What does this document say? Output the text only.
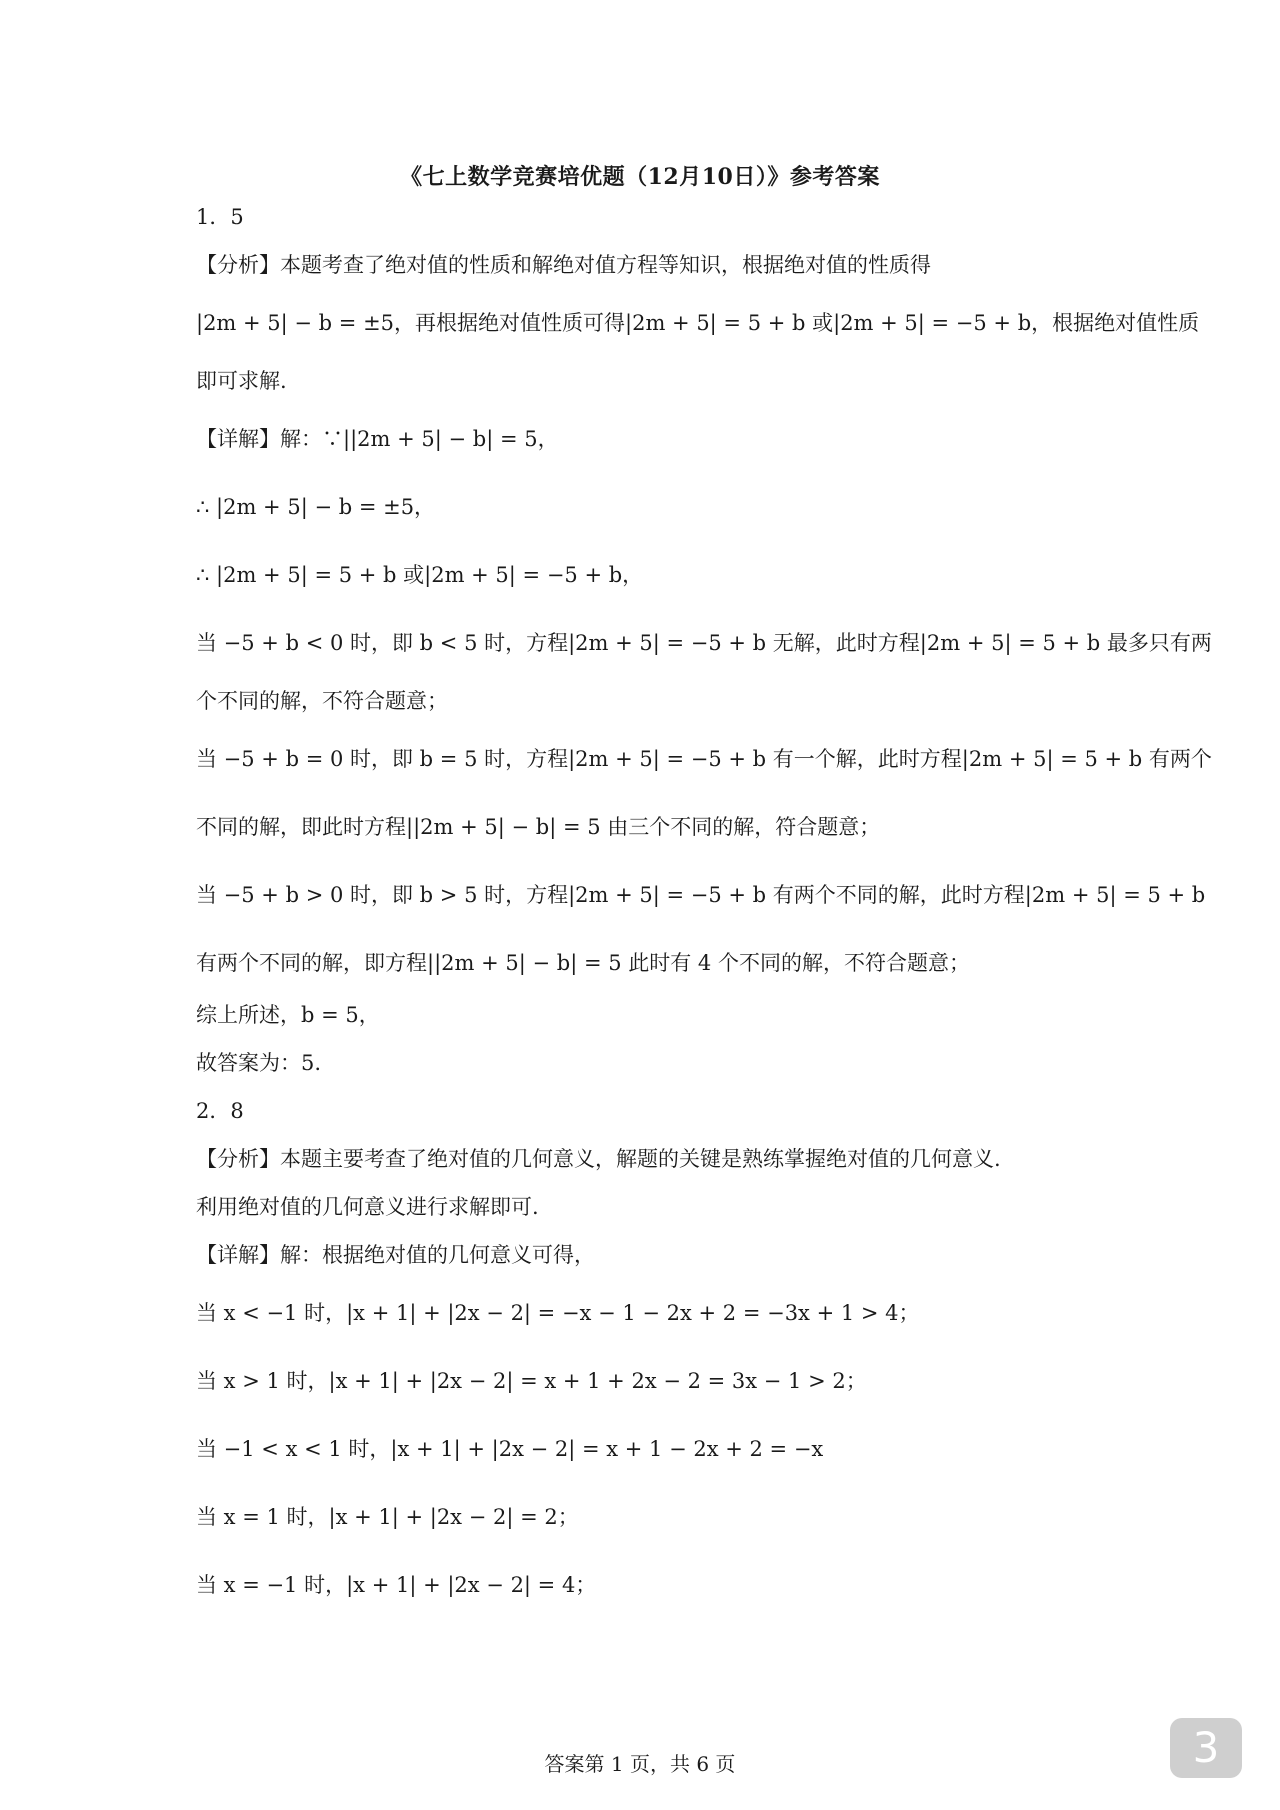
《七上数学竞赛培优题（12月10日）》参考答案
1．5
【分析】本题考查了绝对值的性质和解绝对值方程等知识，根据绝对值的性质得
|2m + 5| − b = ±5，再根据绝对值性质可得|2m + 5| = 5 + b 或|2m + 5| = −5 + b，根据绝对值性质
即可求解.
【详解】解：∵||2m + 5| − b| = 5，
∴ |2m + 5| − b = ±5，
∴ |2m + 5| = 5 + b 或|2m + 5| = −5 + b，
当 −5 + b < 0 时，即 b < 5 时，方程|2m + 5| = −5 + b 无解，此时方程|2m + 5| = 5 + b 最多只有两
个不同的解，不符合题意；
当 −5 + b = 0 时，即 b = 5 时，方程|2m + 5| = −5 + b 有一个解，此时方程|2m + 5| = 5 + b 有两个
不同的解，即此时方程||2m + 5| − b| = 5 由三个不同的解，符合题意；
当 −5 + b > 0 时，即 b > 5 时，方程|2m + 5| = −5 + b 有两个不同的解，此时方程|2m + 5| = 5 + b
有两个不同的解，即方程||2m + 5| − b| = 5 此时有 4 个不同的解，不符合题意；
综上所述，b = 5，
故答案为：5.
2．8
【分析】本题主要考查了绝对值的几何意义，解题的关键是熟练掌握绝对值的几何意义.
利用绝对值的几何意义进行求解即可.
【详解】解：根据绝对值的几何意义可得，
当 x < −1 时，|x + 1| + |2x − 2| = −x − 1 − 2x + 2 = −3x + 1 > 4；
当 x > 1 时，|x + 1| + |2x − 2| = x + 1 + 2x − 2 = 3x − 1 > 2；
当 −1 < x < 1 时，|x + 1| + |2x − 2| = x + 1 − 2x + 2 = −x
当 x = 1 时，|x + 1| + |2x − 2| = 2；
当 x = −1 时，|x + 1| + |2x − 2| = 4；
答案第 1 页，共 6 页	3
